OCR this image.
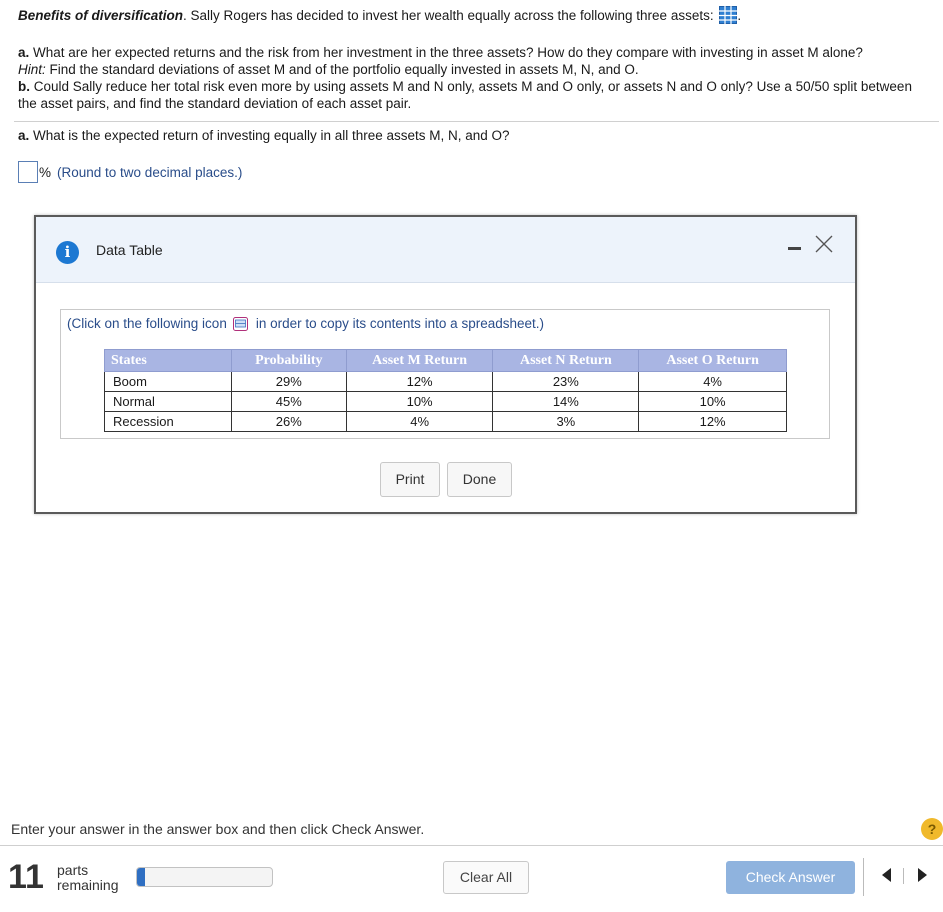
Benefits of diversification. Sally Rogers has decided to invest her wealth equally across the following three assets: .
a. What are her expected returns and the risk from her investment in the three assets? How do they compare with investing in asset M alone?
Hint: Find the standard deviations of asset M and of the portfolio equally invested in assets M, N, and O.
b. Could Sally reduce her total risk even more by using assets M and N only, assets M and O only, or assets N and O only? Use a 50/50 split between the asset pairs, and find the standard deviation of each asset pair.
a. What is the expected return of investing equally in all three assets M, N, and O?
% (Round to two decimal places.)
i	Data Table
(Click on the following icon in order to copy its contents into a spreadsheet.)
States	Probability	Asset M Return	Asset N Return	Asset O Return
Boom	29%	12%	23%	4%
Normal	45%	10%	14%	10%
Recession	26%	4%	3%	12%
Print	Done
Enter your answer in the answer box and then click Check Answer.	?
11 parts
remaining	Clear All	Check Answer
